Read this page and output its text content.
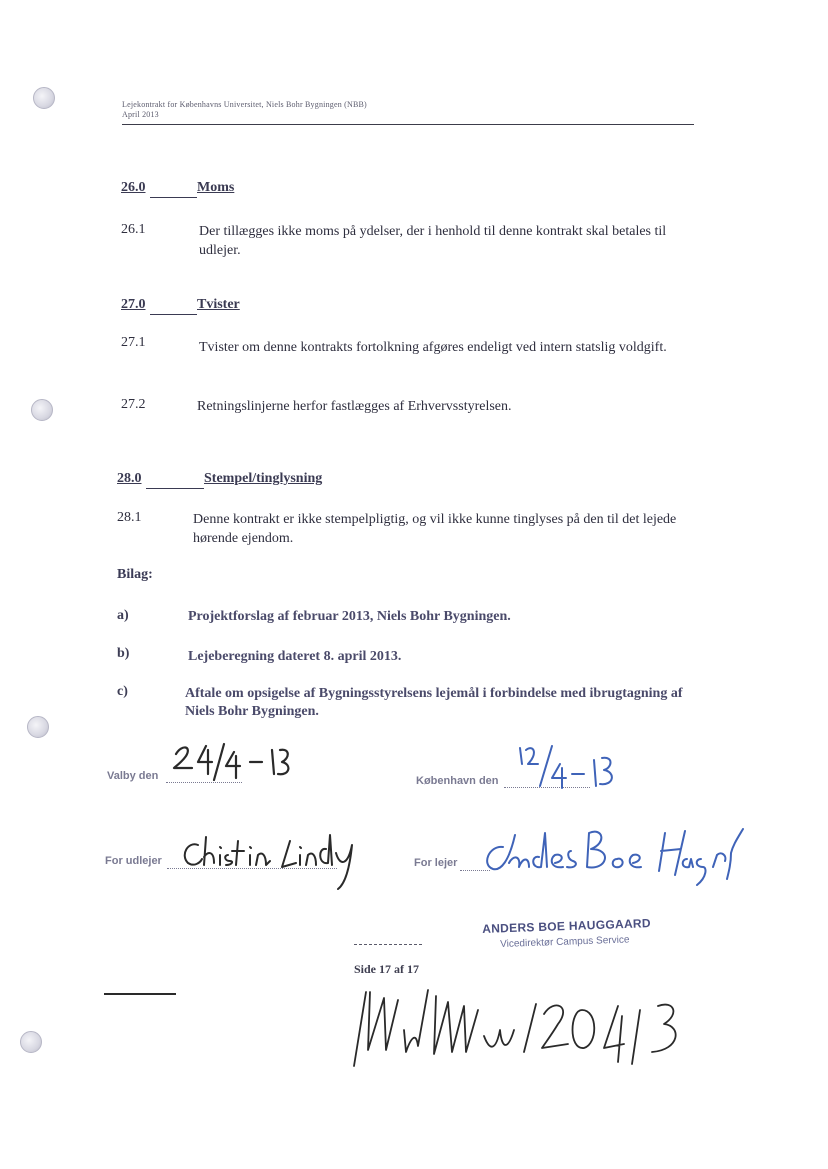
Lejekontrakt for Københavns Universitet, Niels Bohr Bygningen (NBB)
April 2013
26.0	Moms
26.1	Der tillægges ikke moms på ydelser, der i henhold til denne kontrakt skal betales til udlejer.
27.0	Tvister
27.1	Tvister om denne kontrakts fortolkning afgøres endeligt ved intern statslig voldgift.
27.2	Retningslinjerne herfor fastlægges af Erhvervsstyrelsen.
28.0	Stempel/tinglysning
28.1	Denne kontrakt er ikke stempelpligtig, og vil ikke kunne tinglyses på den til det lejede hørende ejendom.
Bilag:
a)	Projektforslag af februar 2013, Niels Bohr Bygningen.
b)	Lejeberegning dateret 8. april 2013.
c)	Aftale om opsigelse af Bygningsstyrelsens lejemål i forbindelse med ibrugtagning af Niels Bohr Bygningen.
Valby den	København den
For udlejer	For lejer
ANDERS BOE HAUGGAARD
Vicedirektør Campus Service
Side 17 af 17
